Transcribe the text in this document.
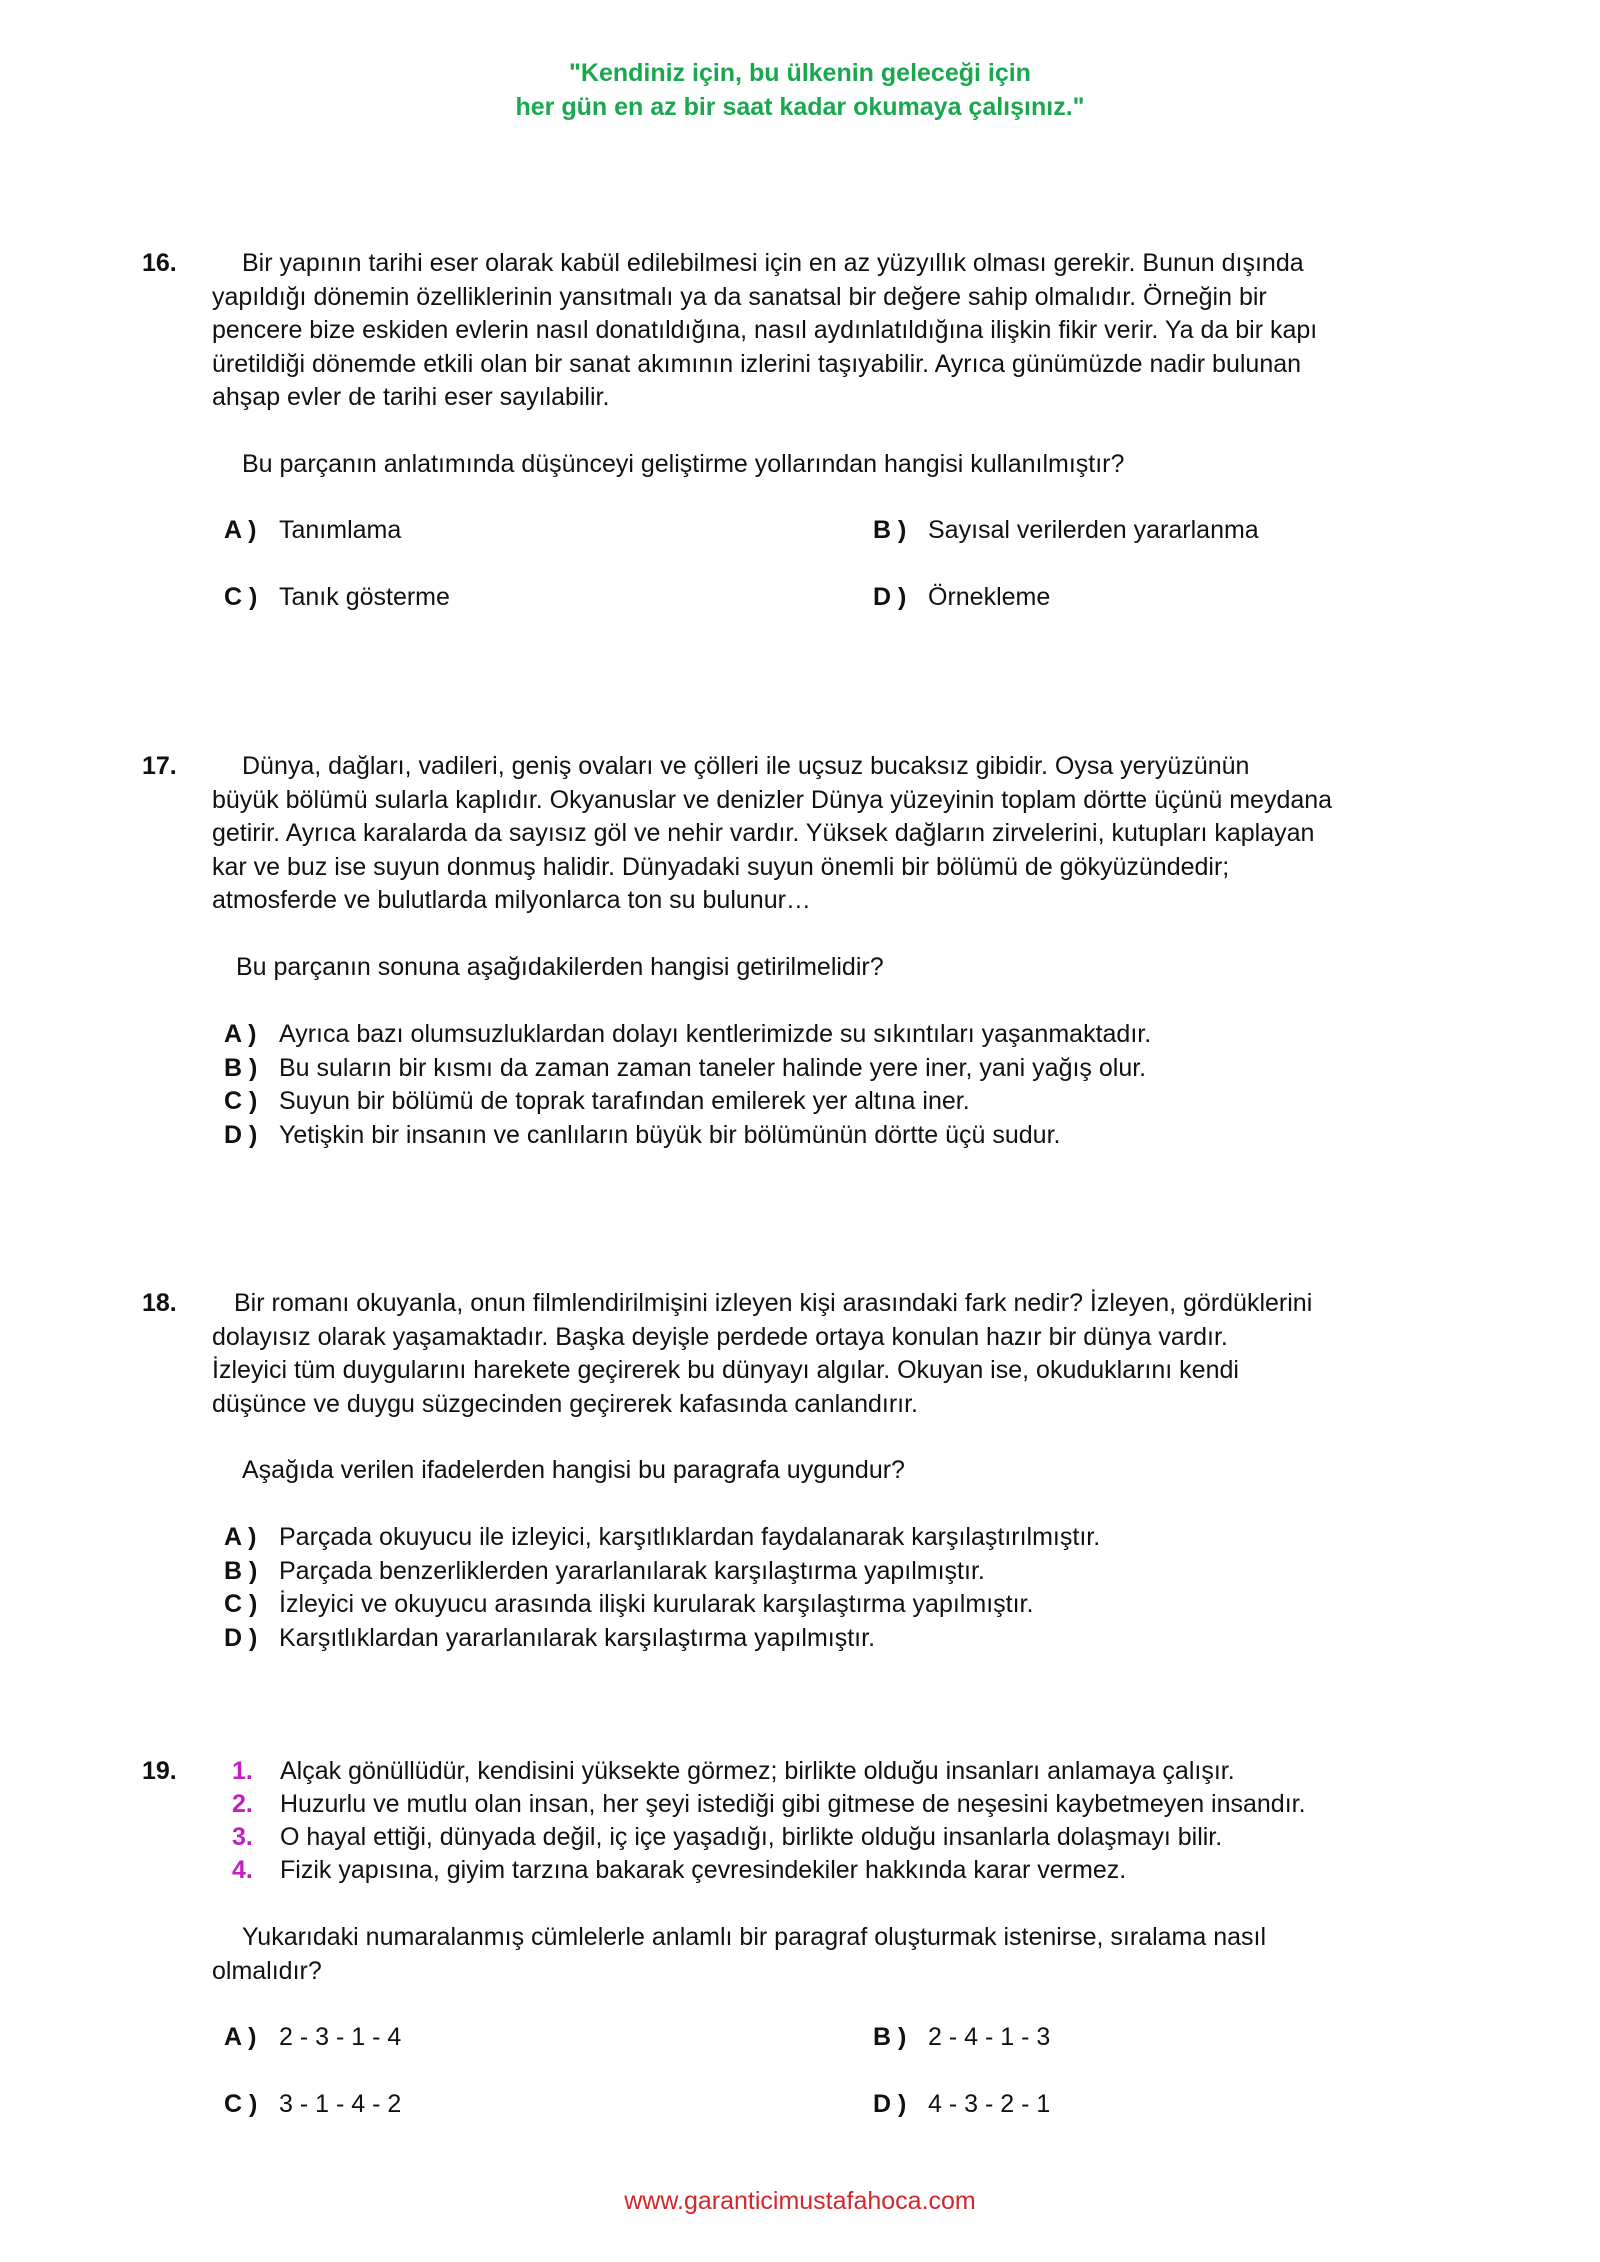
"Kendiniz için, bu ülkenin geleceği için
her gün en az bir saat kadar okumaya çalışınız."
16.	Bir yapının tarihi eser olarak kabül edilebilmesi için en az yüzyıllık olması gerekir. Bunun dışında

yapıldığı dönemin özelliklerinin yansıtmalı ya da sanatsal bir değere sahip olmalıdır. Örneğin bir

pencere bize eskiden evlerin nasıl donatıldığına, nasıl aydınlatıldığına ilişkin fikir verir. Ya da bir kapı

üretildiği dönemde etkili olan bir sanat akımının izlerini taşıyabilir. Ayrıca günümüzde nadir bulunan

ahşap evler de tarihi eser sayılabilir.

Bu parçanın anlatımında düşünceyi geliştirme yollarından hangisi kullanılmıştır?
A ) Tanımlama	B ) Sayısal verilerden yararlanma
C ) Tanık gösterme	D ) Örnekleme
17.	Dünya, dağları, vadileri, geniş ovaları ve çölleri ile uçsuz bucaksız gibidir. Oysa yeryüzünün

büyük bölümü sularla kaplıdır. Okyanuslar ve denizler Dünya yüzeyinin toplam dörtte üçünü meydana

getirir. Ayrıca karalarda da sayısız göl ve nehir vardır. Yüksek dağların zirvelerini, kutupları kaplayan

kar ve buz ise suyun donmuş halidir. Dünyadaki suyun önemli bir bölümü de gökyüzündedir;

atmosferde ve bulutlarda milyonlarca ton su bulunur…

Bu parçanın sonuna aşağıdakilerden hangisi getirilmelidir?
A ) Ayrıca bazı olumsuzluklardan dolayı kentlerimizde su sıkıntıları yaşanmaktadır.
B ) Bu suların bir kısmı da zaman zaman taneler halinde yere iner, yani yağış olur.
C ) Suyun bir bölümü de toprak tarafından emilerek yer altına iner.
D ) Yetişkin bir insanın ve canlıların büyük bir bölümünün dörtte üçü sudur.
18.	Bir romanı okuyanla, onun filmlendirilmişini izleyen kişi arasındaki fark nedir? İzleyen, gördüklerini

dolayısız olarak yaşamaktadır. Başka deyişle perdede ortaya konulan hazır bir dünya vardır.

İzleyici tüm duygularını harekete geçirerek bu dünyayı algılar. Okuyan ise, okuduklarını kendi

düşünce ve duygu süzgecinden geçirerek kafasında canlandırır.

Aşağıda verilen ifadelerden hangisi bu paragrafa uygundur?
A ) Parçada okuyucu ile izleyici, karşıtlıklardan faydalanarak karşılaştırılmıştır.
B ) Parçada benzerliklerden yararlanılarak karşılaştırma yapılmıştır.
C ) İzleyici ve okuyucu arasında ilişki kurularak karşılaştırma yapılmıştır.
D ) Karşıtlıklardan yararlanılarak karşılaştırma yapılmıştır.
19. 1. Alçak gönüllüdür, kendisini yüksekte görmez; birlikte olduğu insanları anlamaya çalışır.
2. Huzurlu ve mutlu olan insan, her şeyi istediği gibi gitmese de neşesini kaybetmeyen insandır.
3. O hayal ettiği, dünyada değil, iç içe yaşadığı, birlikte olduğu insanlarla dolaşmayı bilir.
4. Fizik yapısına, giyim tarzına bakarak çevresindekiler hakkında karar vermez.

Yukarıdaki numaralanmış cümlelerle anlamlı bir paragraf oluşturmak istenirse, sıralama nasıl

olmalıdır?

A ) 2 - 3 - 1 - 4	B ) 2 - 4 - 1 - 3
C ) 3 - 1 - 4 - 2	D ) 4 - 3 - 2 - 1
www.garanticimustafahoca.com
